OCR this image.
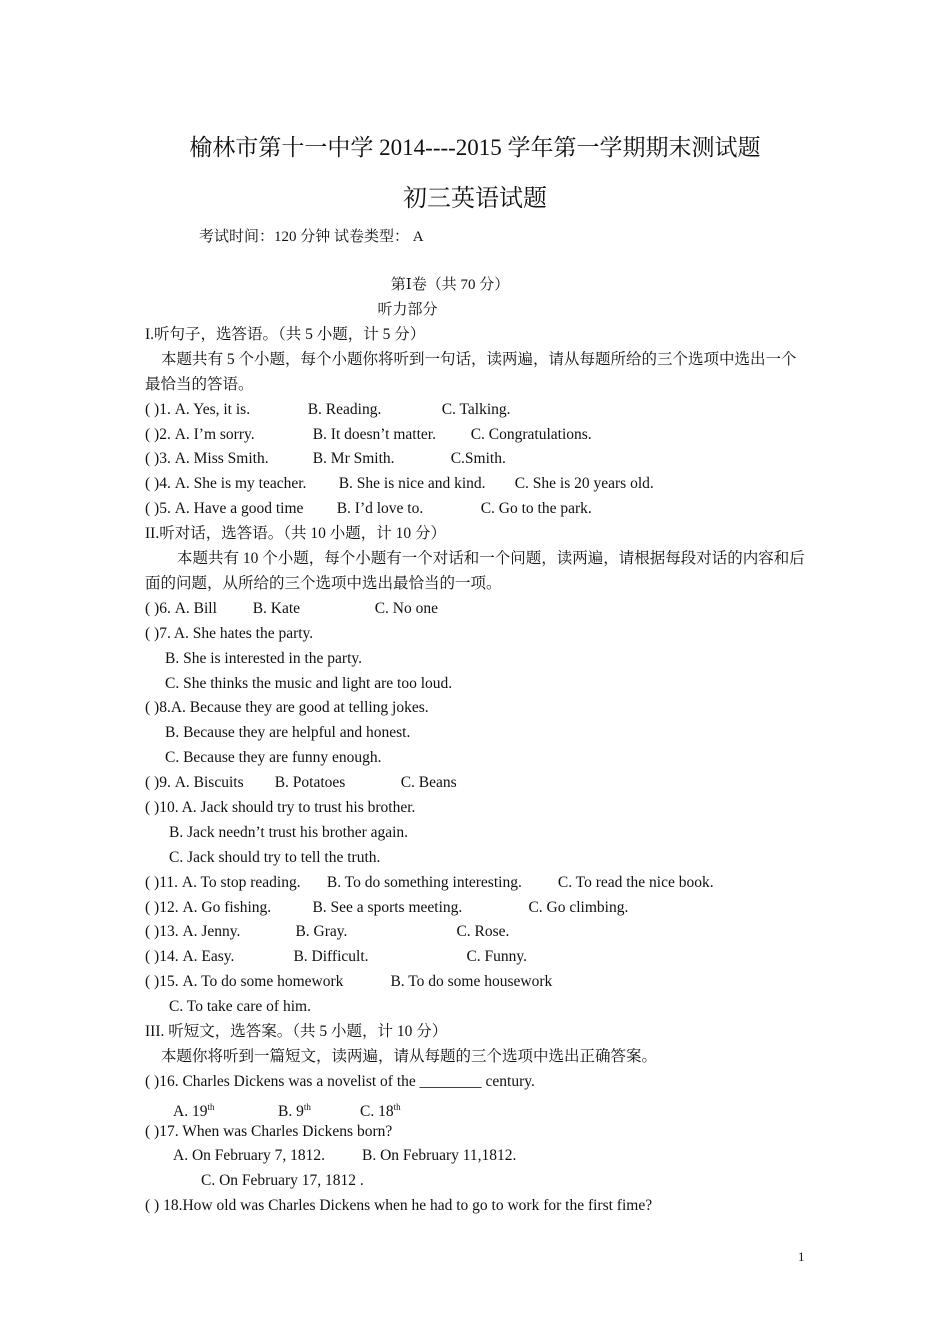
榆林市第十一中学 2014----2015 学年第一学期期末测试题
初三英语试题
考试时间：120 分钟 试卷类型： A
第Ⅰ卷（共 70 分）
听力部分
I.听句子，选答语。（共 5 小题，计 5 分）
本题共有 5 个小题，每个小题你将听到一句话，读两遍，请从每题所给的三个选项中选出一个最恰当的答语。
( )1. A. Yes, it is.	B. Reading.	C. Talking.
( )2. A. I’m sorry.	B. It doesn’t matter. C. Congratulations.
( )3. A. Miss Smith.	B. Mr Smith.	C.Smith.
( )4. A. She is my teacher. B. She is nice and kind. C. She is 20 years old.
( )5. A. Have a good time B. I’d love to.	C. Go to the park.
II.听对话，选答语。（共 10 小题，计 10 分）
本题共有 10 个小题，每个小题有一个对话和一个问题，读两遍，请根据每段对话的内容和后面的问题，从所给的三个选项中选出最恰当的一项。
( )6. A. Bill B. Kate	C. No one
( )7. A. She hates the party.
B. She is interested in the party.
C. She thinks the music and light are too loud.
( )8.A. Because they are good at telling jokes.
B. Because they are helpful and honest.
C. Because they are funny enough.
( )9. A. Biscuits B. Potatoes	C. Beans
( )10. A. Jack should try to trust his brother.
B. Jack needn’t trust his brother again.
C. Jack should try to tell the truth.
( )11. A. To stop reading. B. To do something interesting. C. To read the nice book.
( )12. A. Go fishing.	B. See a sports meeting.	C. Go climbing.
( )13. A. Jenny.	B. Gray.	C. Rose.
( )14. A. Easy.	B. Difficult.	C. Funny.
( )15. A. To do some homework	B. To do some housework
C. To take care of him.
III. 听短文，选答案。（共 5 小题，计 10 分）
本题你将听到一篇短文，读两遍，请从每题的三个选项中选出正确答案。
( )16. Charles Dickens was a novelist of the ________ century.
A. 19th	B. 9th	C. 18th
( )17. When was Charles Dickens born?
A. On February 7, 1812. B. On February 11,1812.
C. On February 17, 1812 .
( ) 18.How old was Charles Dickens when he had to go to work for the first fime?
1
